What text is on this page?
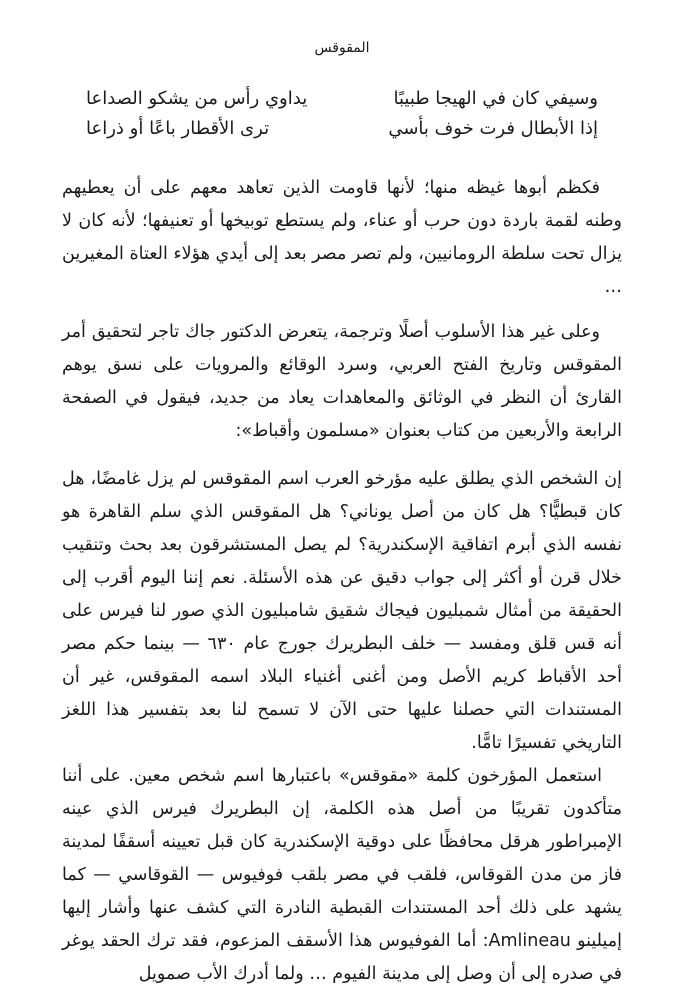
المقوقس
وسيفي كان في الهيجا طبيبًا
يداوي رأس من يشكو الصداعا
إذا الأبطال فرت خوف بأسي
ترى الأقطار باعًا أو ذراعا

فكظم أبوها غيظه منها؛ لأنها قاومت الذين تعاهد معهم على أن يعطيهم وطنه لقمة باردة دون حرب أو عناء، ولم يستطع توبيخها أو تعنيفها؛ لأنه كان لا يزال تحت سلطة الرومانيين، ولم تصر مصر بعد إلى أيدي هؤلاء العتاة المغيرين …

وعلى غير هذا الأسلوب أصلًا وترجمة، يتعرض الدكتور جاك تاجر لتحقيق أمر المقوقس وتاريخ الفتح العربي، وسرد الوقائع والمرويات على نسق يوهم القارئ أن النظر في الوثائق والمعاهدات يعاد من جديد، فيقول في الصفحة الرابعة والأربعين من كتاب بعنوان «مسلمون وأقباط»:

إن الشخص الذي يطلق عليه مؤرخو العرب اسم المقوقس لم يزل غامضًا، هل كان قبطيًّا؟ هل كان من أصل يوناني؟ هل المقوقس الذي سلم القاهرة هو نفسه الذي أبرم اتفاقية الإسكندرية؟ لم يصل المستشرقون بعد بحث وتنقيب خلال قرن أو أكثر إلى جواب دقيق عن هذه الأسئلة. نعم إننا اليوم أقرب إلى الحقيقة من أمثال شمبليون فيجاك شقيق شامبليون الذي صور لنا فيرس على أنه قس قلق ومفسد — خلف البطريرك جورج عام ٦٣٠ — بينما حكم مصر أحد الأقباط كريم الأصل ومن أغنى أغنياء البلاد اسمه المقوقس، غير أن المستندات التي حصلنا عليها حتى الآن لا تسمح لنا بعد بتفسير هذا اللغز التاريخي تفسيرًا تامًّا.

استعمل المؤرخون كلمة «مقوقس» باعتبارها اسم شخص معين. على أننا متأكدون تقريبًا من أصل هذه الكلمة، إن البطريرك فيرس الذي عينه الإمبراطور هرقل محافظًا على دوقية الإسكندرية كان قبل تعيينه أسقفًا لمدينة فاز من مدن القوقاس، فلقب في مصر بلقب فوفيوس — القوقاسي — كما يشهد على ذلك أحد المستندات القبطية النادرة التي كشف عنها وأشار إليها إميلينو Amlineau: أما الفوفيوس هذا الأسقف المزعوم، فقد ترك الحقد يوغر في صدره إلى أن وصل إلى مدينة الفيوم … ولما أدرك الأب صمويل
